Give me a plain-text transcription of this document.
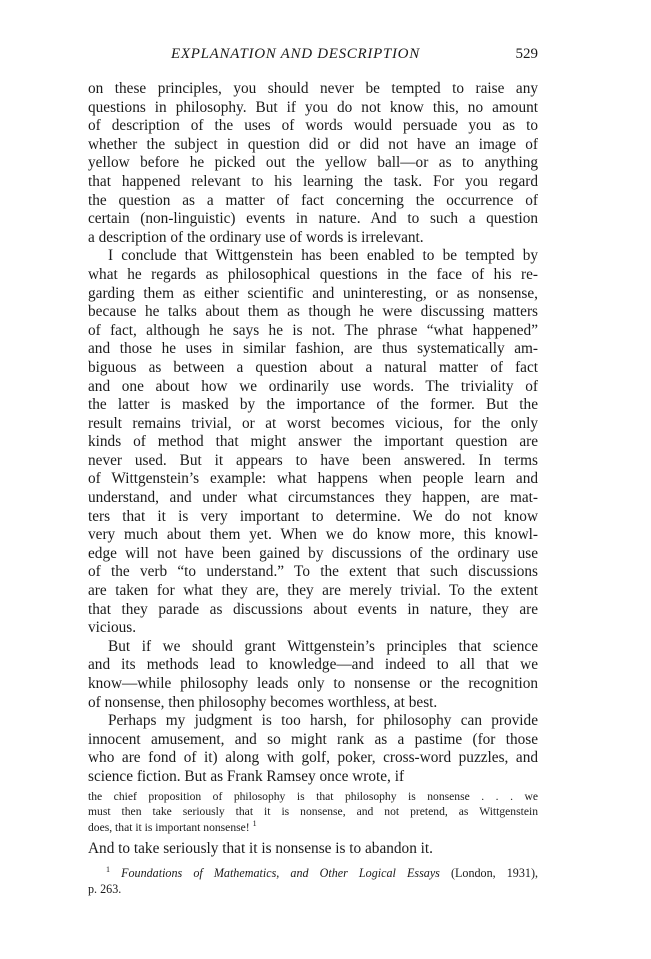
EXPLANATION AND DESCRIPTION	529
on these principles, you should never be tempted to raise any
questions in philosophy. But if you do not know this, no amount
of description of the uses of words would persuade you as to
whether the subject in question did or did not have an image of
yellow before he picked out the yellow ball—or as to anything
that happened relevant to his learning the task. For you regard
the question as a matter of fact concerning the occurrence of
certain (non-linguistic) events in nature. And to such a question
a description of the ordinary use of words is irrelevant.
I conclude that Wittgenstein has been enabled to be tempted by
what he regards as philosophical questions in the face of his re-
garding them as either scientific and uninteresting, or as nonsense,
because he talks about them as though he were discussing matters
of fact, although he says he is not. The phrase “what happened”
and those he uses in similar fashion, are thus systematically am-
biguous as between a question about a natural matter of fact
and one about how we ordinarily use words. The triviality of
the latter is masked by the importance of the former. But the
result remains trivial, or at worst becomes vicious, for the only
kinds of method that might answer the important question are
never used. But it appears to have been answered. In terms
of Wittgenstein’s example: what happens when people learn and
understand, and under what circumstances they happen, are mat-
ters that it is very important to determine. We do not know
very much about them yet. When we do know more, this knowl-
edge will not have been gained by discussions of the ordinary use
of the verb “to understand.” To the extent that such discussions
are taken for what they are, they are merely trivial. To the extent
that they parade as discussions about events in nature, they are
vicious.
But if we should grant Wittgenstein’s principles that science
and its methods lead to knowledge—and indeed to all that we
know—while philosophy leads only to nonsense or the recognition
of nonsense, then philosophy becomes worthless, at best.
Perhaps my judgment is too harsh, for philosophy can provide
innocent amusement, and so might rank as a pastime (for those
who are fond of it) along with golf, poker, cross-word puzzles, and
science fiction. But as Frank Ramsey once wrote, if
the chief proposition of philosophy is that philosophy is nonsense . . . we
must then take seriously that it is nonsense, and not pretend, as Wittgenstein
does, that it is important nonsense! $^1$
And to take seriously that it is nonsense is to abandon it.
$^1$ Foundations of Mathematics, and Other Logical Essays (London, 1931),
p. 263.
